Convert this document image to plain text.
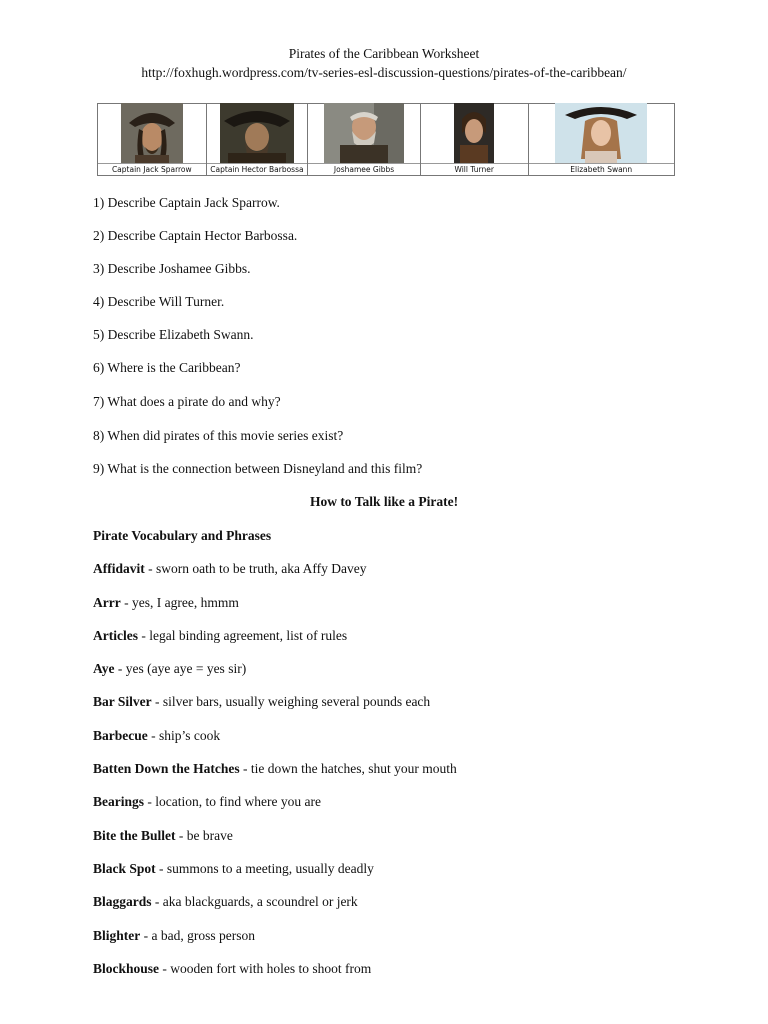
Pirates of the Caribbean Worksheet
http://foxhugh.wordpress.com/tv-series-esl-discussion-questions/pirates-of-the-caribbean/
Captain Jack Sparrow	Captain Hector Barbossa	Joshamee Gibbs	Will Turner	Elizabeth Swann
1) Describe Captain Jack Sparrow.
2) Describe Captain Hector Barbossa.
3) Describe Joshamee Gibbs.
4) Describe Will Turner.
5) Describe Elizabeth Swann.
6) Where is the Caribbean?
7) What does a pirate do and why?
8) When did pirates of this movie series exist?
9) What is the connection between Disneyland and this film?
How to Talk like a Pirate!
Pirate Vocabulary and Phrases
Affidavit - sworn oath to be truth, aka Affy Davey
Arrr - yes, I agree, hmmm
Articles - legal binding agreement, list of rules
Aye - yes (aye aye = yes sir)
Bar Silver - silver bars, usually weighing several pounds each
Barbecue - ship’s cook
Batten Down the Hatches - tie down the hatches, shut your mouth
Bearings - location, to find where you are
Bite the Bullet - be brave
Black Spot - summons to a meeting, usually deadly
Blaggards - aka blackguards, a scoundrel or jerk
Blighter - a bad, gross person
Blockhouse - wooden fort with holes to shoot from
